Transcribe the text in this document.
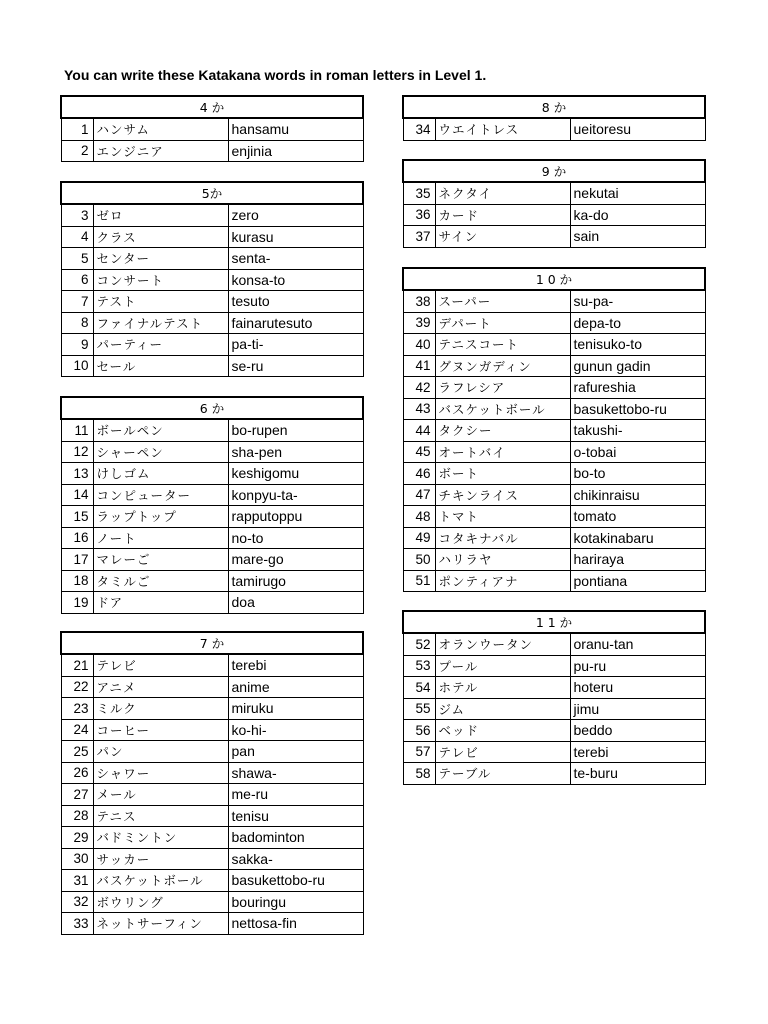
You can write these Katakana words in roman letters in Level 1.
4 か		
1	ハンサム	hansamu
2	エンジニア	enjinia
5か		
3	ゼロ	zero
4	クラス	kurasu
5	センター	senta-
6	コンサート	konsa-to
7	テスト	tesuto
8	ファイナルテスト	fainarutesuto
9	パーティー	pa-ti-
10	セール	se-ru
6 か		
11	ボールペン	bo-rupen
12	シャーペン	sha-pen
13	けしゴム	keshigomu
14	コンピューター	konpyu-ta-
15	ラップトップ	rapputoppu
16	ノート	no-to
17	マレーご	mare-go
18	タミルご	tamirugo
19	ドア	doa
7 か		
21	テレビ	terebi
22	アニメ	anime
23	ミルク	miruku
24	コーヒー	ko-hi-
25	パン	pan
26	シャワー	shawa-
27	メール	me-ru
28	テニス	tenisu
29	バドミントン	badominton
30	サッカー	sakka-
31	バスケットボール	basukettobo-ru
32	ボウリング	bouringu
33	ネットサーフィン	nettosa-fin
8 か
34	ウエイトレス	ueitoresu
9 か		
35	ネクタイ	nekutai
36	カード	ka-do
37	サイン	sain
1 0 か		
38	スーパー	su-pa-
39	デパート	depa-to
40	テニスコート	tenisuko-to
41	グヌンガディン	gunun gadin
42	ラフレシア	rafureshia
43	バスケットボール	basukettobo-ru
44	タクシー	takushi-
45	オートバイ	o-tobai
46	ボート	bo-to
47	チキンライス	chikinraisu
48	トマト	tomato
49	コタキナバル	kotakinabaru
50	ハリラヤ	hariraya
51	ポンティアナ	pontiana
1 1 か		
52	オランウータン	oranu-tan
53	プール	pu-ru
54	ホテル	hoteru
55	ジム	jimu
56	ベッド	beddo
57	テレビ	terebi
58	テーブル	te-buru
